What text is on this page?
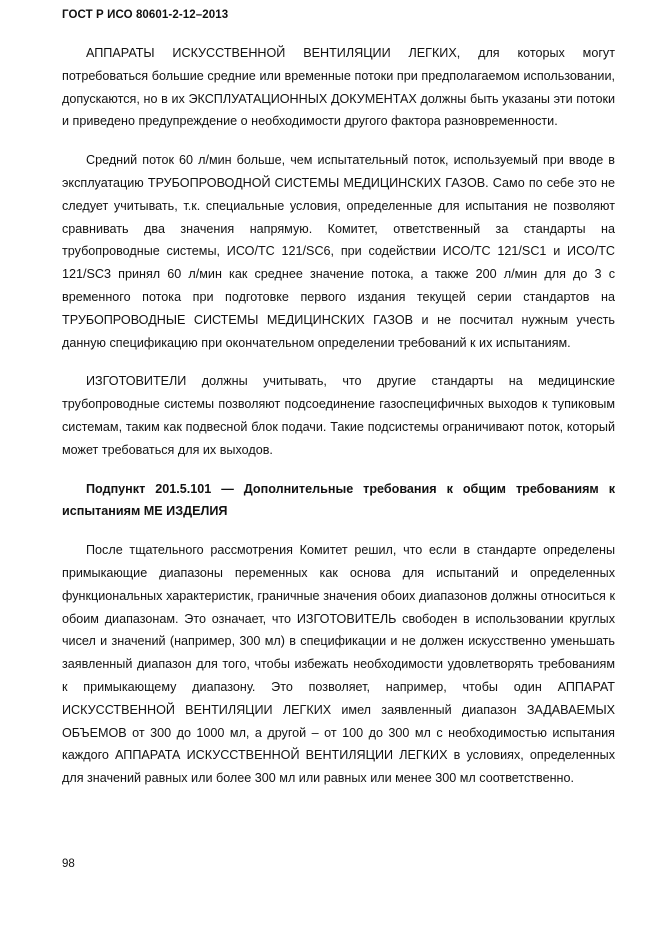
ГОСТ Р ИСО 80601-2-12–2013

АППАРАТЫ ИСКУССТВЕННОЙ ВЕНТИЛЯЦИИ ЛЕГКИХ, для которых могут потребоваться большие средние или временные потоки при предполагаемом использовании, допускаются, но в их ЭКСПЛУАТАЦИОННЫХ ДОКУМЕНТАХ должны быть указаны эти потоки и приведено предупреждение о необходимости другого фактора разновременности.

Средний поток 60 л/мин больше, чем испытательный поток, используемый при вводе в эксплуатацию ТРУБОПРОВОДНОЙ СИСТЕМЫ МЕДИЦИНСКИХ ГАЗОВ. Само по себе это не следует учитывать, т.к. специальные условия, определенные для испытания не позволяют сравнивать два значения напрямую. Комитет, ответственный за стандарты на трубопроводные системы, ИСО/ТС 121/SC6, при содействии ИСО/ТС 121/SC1 и ИСО/ТС 121/SC3 принял 60 л/мин как среднее значение потока, а также 200 л/мин для до 3 с временного потока при подготовке первого издания текущей серии стандартов на ТРУБОПРОВОДНЫЕ СИСТЕМЫ МЕДИЦИНСКИХ ГАЗОВ и не посчитал нужным учесть данную спецификацию при окончательном определении требований к их испытаниям.

ИЗГОТОВИТЕЛИ должны учитывать, что другие стандарты на медицинские трубопроводные системы позволяют подсоединение газоспецифичных выходов к тупиковым системам, таким как подвесной блок подачи. Такие подсистемы ограничивают поток, который может требоваться для их выходов.

Подпункт 201.5.101 — Дополнительные требования к общим требованиям к испытаниям МЕ ИЗДЕЛИЯ

После тщательного рассмотрения Комитет решил, что если в стандарте определены примыкающие диапазоны переменных как основа для испытаний и определенных функциональных характеристик, граничные значения обоих диапазонов должны относиться к обоим диапазонам. Это означает, что ИЗГОТОВИТЕЛЬ свободен в использовании круглых чисел и значений (например, 300 мл) в спецификации и не должен искусственно уменьшать заявленный диапазон для того, чтобы избежать необходимости удовлетворять требованиям к примыкающему диапазону. Это позволяет, например, чтобы один АППАРАТ ИСКУССТВЕННОЙ ВЕНТИЛЯЦИИ ЛЕГКИХ имел заявленный диапазон ЗАДАВАЕМЫХ ОБЪЕМОВ от 300 до 1000 мл, а другой – от 100 до 300 мл с необходимостью испытания каждого АППАРАТА ИСКУССТВЕННОЙ ВЕНТИЛЯЦИИ ЛЕГКИХ в условиях, определенных для значений равных или более 300 мл или равных или менее 300 мл соответственно.

98
